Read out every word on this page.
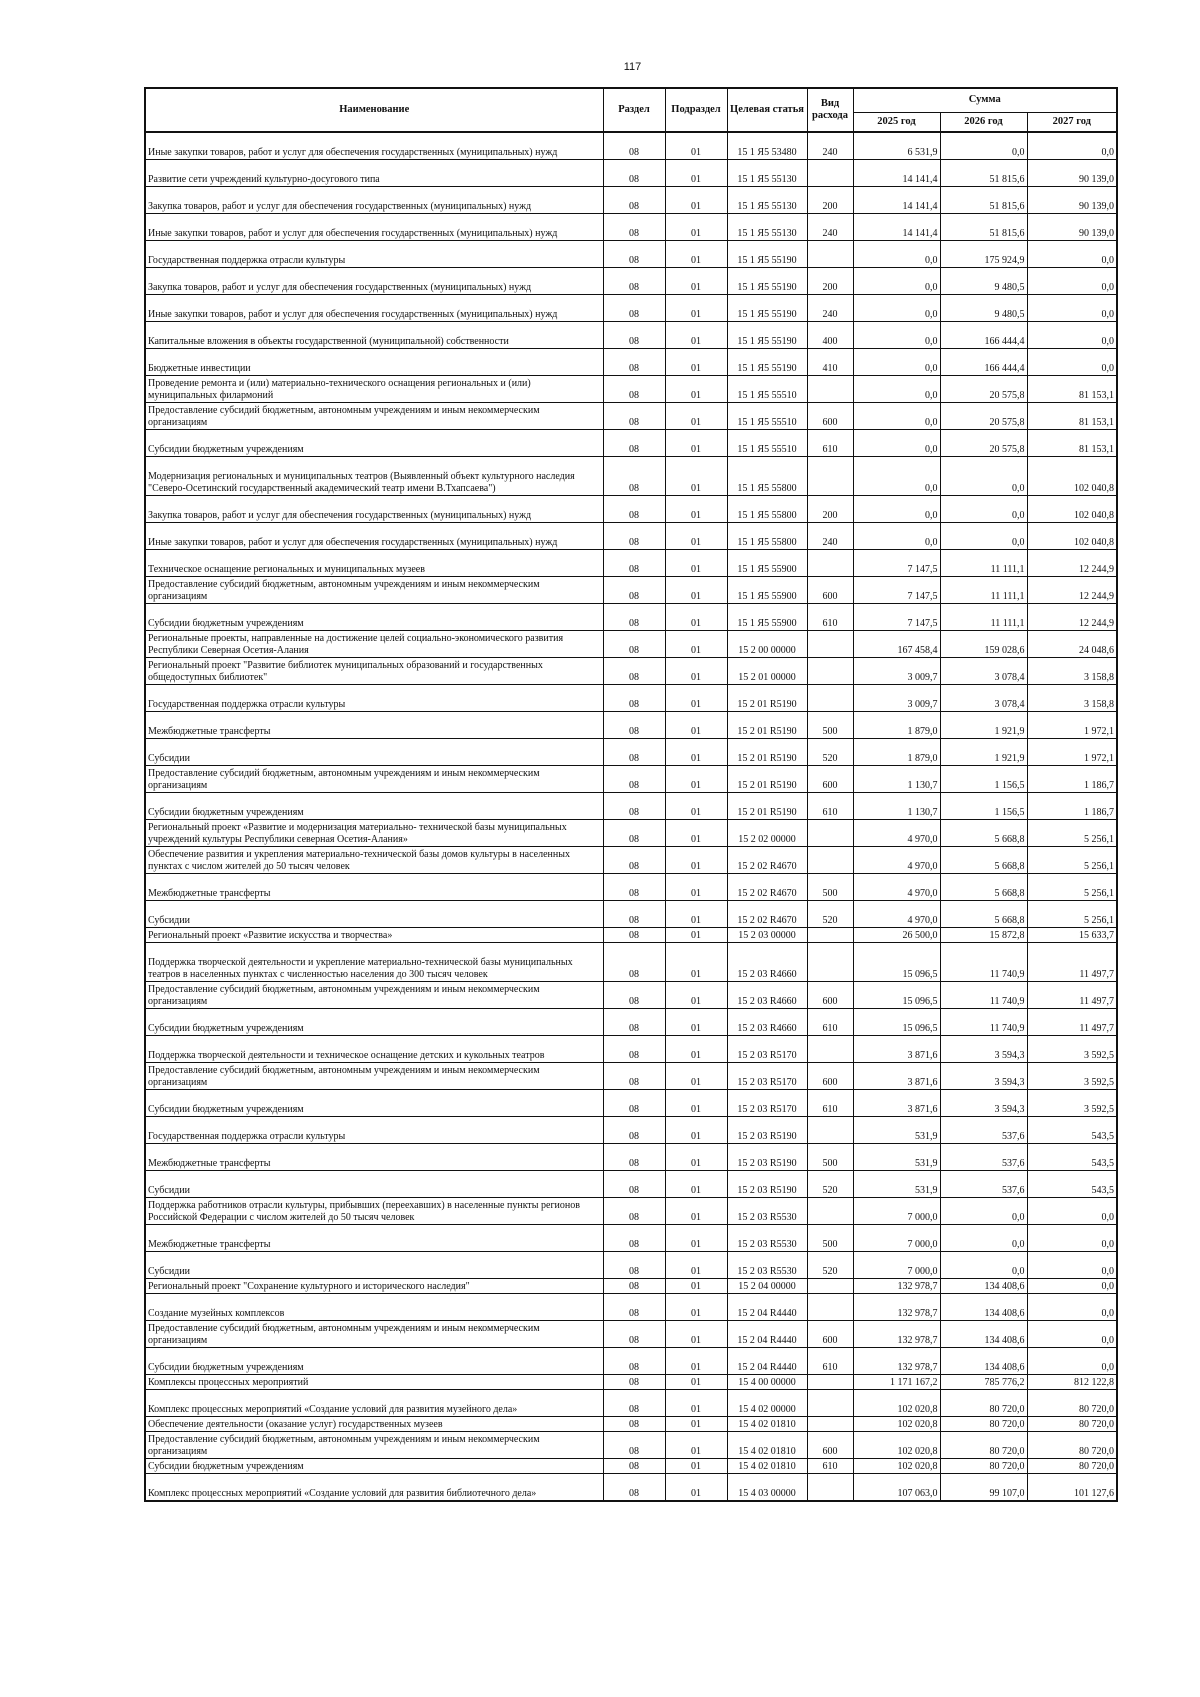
117
Наименование	Раздел	Подраздел	Целевая статья	Вид расхода	Сумма		
					2025 год	2026 год	2027 год
Иные закупки товаров, работ и услуг для обеспечения государственных (муниципальных) нужд	08	01	15 1 Я5 53480	240	6 531,9	0,0	0,0
Развитие сети учреждений культурно-досугового типа	08	01	15 1 Я5 55130		14 141,4	51 815,6	90 139,0
Закупка товаров, работ и услуг для обеспечения государственных (муниципальных) нужд	08	01	15 1 Я5 55130	200	14 141,4	51 815,6	90 139,0
Иные закупки товаров, работ и услуг для обеспечения государственных (муниципальных) нужд	08	01	15 1 Я5 55130	240	14 141,4	51 815,6	90 139,0
Государственная поддержка отрасли культуры	08	01	15 1 Я5 55190		0,0	175 924,9	0,0
Закупка товаров, работ и услуг для обеспечения государственных (муниципальных) нужд	08	01	15 1 Я5 55190	200	0,0	9 480,5	0,0
Иные закупки товаров, работ и услуг для обеспечения государственных (муниципальных) нужд	08	01	15 1 Я5 55190	240	0,0	9 480,5	0,0
Капитальные вложения в объекты государственной (муниципальной) собственности	08	01	15 1 Я5 55190	400	0,0	166 444,4	0,0
Бюджетные инвестиции	08	01	15 1 Я5 55190	410	0,0	166 444,4	0,0
Проведение ремонта и (или) материально-технического оснащения региональных и (или) муниципальных филармоний	08	01	15 1 Я5 55510		0,0	20 575,8	81 153,1
Предоставление субсидий бюджетным, автономным учреждениям и иным некоммерческим организациям	08	01	15 1 Я5 55510	600	0,0	20 575,8	81 153,1
Субсидии бюджетным учреждениям	08	01	15 1 Я5 55510	610	0,0	20 575,8	81 153,1
Модернизация региональных и муниципальных театров (Выявленный объект культурного наследия "Северо-Осетинский государственный академический театр имени В.Тхапсаева")	08	01	15 1 Я5 55800		0,0	0,0	102 040,8
Закупка товаров, работ и услуг для обеспечения государственных (муниципальных) нужд	08	01	15 1 Я5 55800	200	0,0	0,0	102 040,8
Иные закупки товаров, работ и услуг для обеспечения государственных (муниципальных) нужд	08	01	15 1 Я5 55800	240	0,0	0,0	102 040,8
Техническое оснащение региональных и муниципальных музеев	08	01	15 1 Я5 55900		7 147,5	11 111,1	12 244,9
Предоставление субсидий бюджетным, автономным учреждениям и иным некоммерческим организациям	08	01	15 1 Я5 55900	600	7 147,5	11 111,1	12 244,9
Субсидии бюджетным учреждениям	08	01	15 1 Я5 55900	610	7 147,5	11 111,1	12 244,9
Региональные проекты, направленные на достижение целей социально-экономического развития Республики Северная Осетия-Алания	08	01	15 2 00 00000		167 458,4	159 028,6	24 048,6
Региональный проект "Развитие библиотек муниципальных образований и государственных общедоступных библиотек"	08	01	15 2 01 00000		3 009,7	3 078,4	3 158,8
Государственная поддержка отрасли культуры	08	01	15 2 01 R5190		3 009,7	3 078,4	3 158,8
Межбюджетные трансферты	08	01	15 2 01 R5190	500	1 879,0	1 921,9	1 972,1
Субсидии	08	01	15 2 01 R5190	520	1 879,0	1 921,9	1 972,1
Предоставление субсидий бюджетным, автономным учреждениям и иным некоммерческим организациям	08	01	15 2 01 R5190	600	1 130,7	1 156,5	1 186,7
Субсидии бюджетным учреждениям	08	01	15 2 01 R5190	610	1 130,7	1 156,5	1 186,7
Региональный проект «Развитие и модернизация материально- технической базы муниципальных учреждений культуры Республики северная Осетия-Алания»	08	01	15 2 02 00000		4 970,0	5 668,8	5 256,1
Обеспечение развития и укрепления материально-технической базы домов культуры в населенных пунктах с числом жителей до 50 тысяч человек	08	01	15 2 02 R4670		4 970,0	5 668,8	5 256,1
Межбюджетные трансферты	08	01	15 2 02 R4670	500	4 970,0	5 668,8	5 256,1
Субсидии	08	01	15 2 02 R4670	520	4 970,0	5 668,8	5 256,1
Региональный проект «Развитие искусства и творчества»	08	01	15 2 03 00000		26 500,0	15 872,8	15 633,7
Поддержка творческой деятельности и укрепление материально-технической базы муниципальных театров в населенных пунктах с численностью населения до 300 тысяч человек	08	01	15 2 03 R4660		15 096,5	11 740,9	11 497,7
Предоставление субсидий бюджетным, автономным учреждениям и иным некоммерческим организациям	08	01	15 2 03 R4660	600	15 096,5	11 740,9	11 497,7
Субсидии бюджетным учреждениям	08	01	15 2 03 R4660	610	15 096,5	11 740,9	11 497,7
Поддержка творческой деятельности и техническое оснащение детских и кукольных театров	08	01	15 2 03 R5170		3 871,6	3 594,3	3 592,5
Предоставление субсидий бюджетным, автономным учреждениям и иным некоммерческим организациям	08	01	15 2 03 R5170	600	3 871,6	3 594,3	3 592,5
Субсидии бюджетным учреждениям	08	01	15 2 03 R5170	610	3 871,6	3 594,3	3 592,5
Государственная поддержка отрасли культуры	08	01	15 2 03 R5190		531,9	537,6	543,5
Межбюджетные трансферты	08	01	15 2 03 R5190	500	531,9	537,6	543,5
Субсидии	08	01	15 2 03 R5190	520	531,9	537,6	543,5
Поддержка работников отрасли культуры, прибывших (переехавших) в населенные пункты регионов Российской Федерации с числом жителей до 50 тысяч человек	08	01	15 2 03 R5530		7 000,0	0,0	0,0
Межбюджетные трансферты	08	01	15 2 03 R5530	500	7 000,0	0,0	0,0
Субсидии	08	01	15 2 03 R5530	520	7 000,0	0,0	0,0
Региональный проект "Сохранение культурного и исторического наследия"	08	01	15 2 04 00000		132 978,7	134 408,6	0,0
Создание музейных комплексов	08	01	15 2 04 R4440		132 978,7	134 408,6	0,0
Предоставление субсидий бюджетным, автономным учреждениям и иным некоммерческим организациям	08	01	15 2 04 R4440	600	132 978,7	134 408,6	0,0
Субсидии бюджетным учреждениям	08	01	15 2 04 R4440	610	132 978,7	134 408,6	0,0
Комплексы процессных мероприятий	08	01	15 4 00 00000		1 171 167,2	785 776,2	812 122,8
Комплекс процессных мероприятий «Создание условий для развития музейного дела»	08	01	15 4 02 00000		102 020,8	80 720,0	80 720,0
Обеспечение деятельности (оказание услуг) государственных музеев	08	01	15 4 02 01810		102 020,8	80 720,0	80 720,0
Предоставление субсидий бюджетным, автономным учреждениям и иным некоммерческим организациям	08	01	15 4 02 01810	600	102 020,8	80 720,0	80 720,0
Субсидии бюджетным учреждениям	08	01	15 4 02 01810	610	102 020,8	80 720,0	80 720,0
Комплекс процессных мероприятий «Создание условий для развития библиотечного дела»	08	01	15 4 03 00000		107 063,0	99 107,0	101 127,6
